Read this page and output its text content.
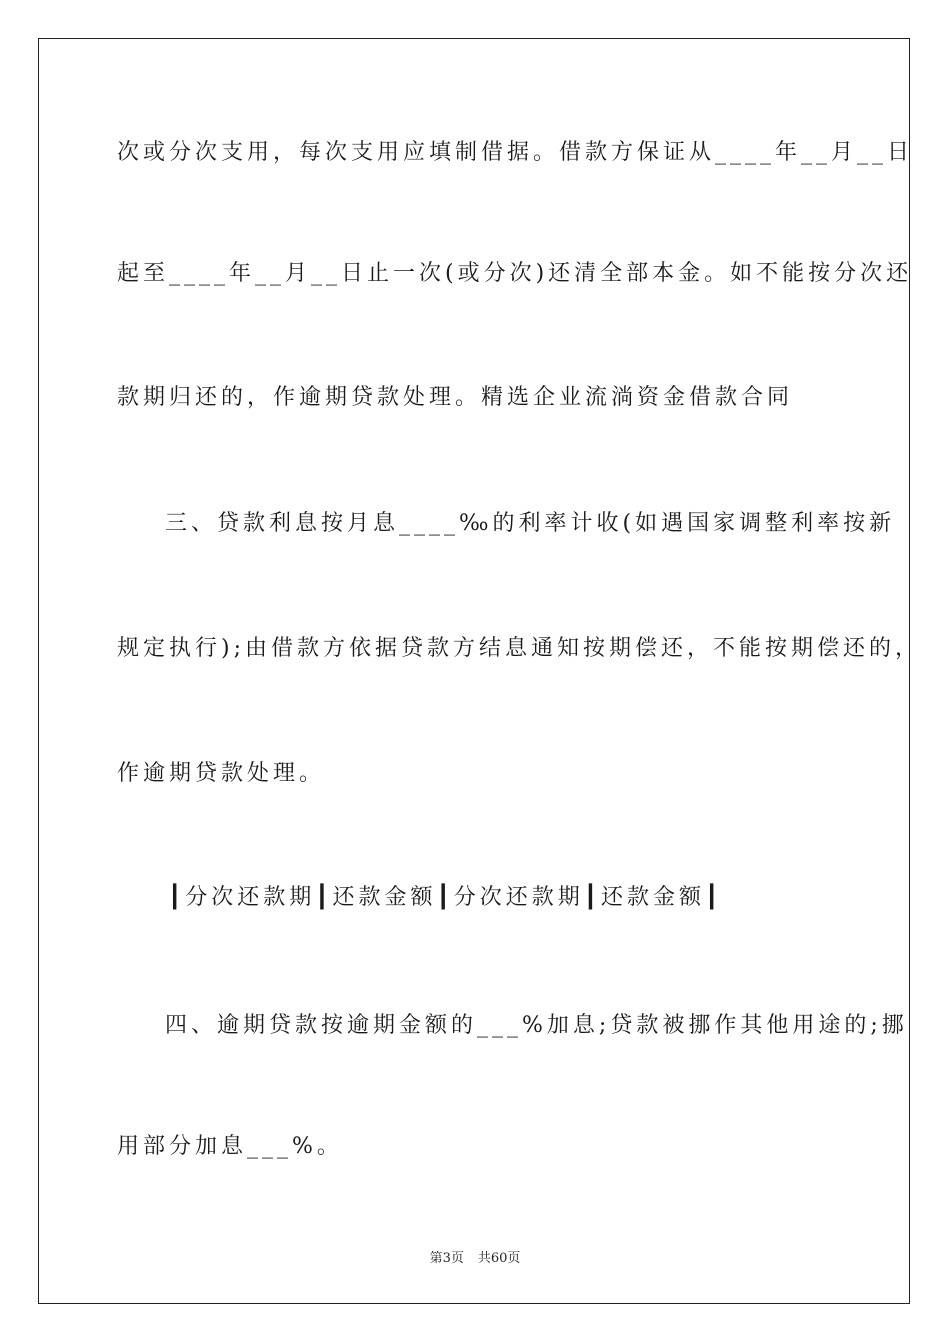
次或分次支用，每次支用应填制借据。借款方保证从____年__月__日
起至____年__月__日止一次(或分次)还清全部本金。如不能按分次还
款期归还的，作逾期贷款处理。精选企业流淌资金借款合同
三、贷款利息按月息____‰的利率计收(如遇国家调整利率按新
规定执行);由借款方依据贷款方结息通知按期偿还，不能按期偿还的，
作逾期贷款处理。
┃分次还款期┃还款金额┃分次还款期┃还款金额┃
四、逾期贷款按逾期金额的___%加息;贷款被挪作其他用途的;挪
用部分加息___%。
第3页 共60页
